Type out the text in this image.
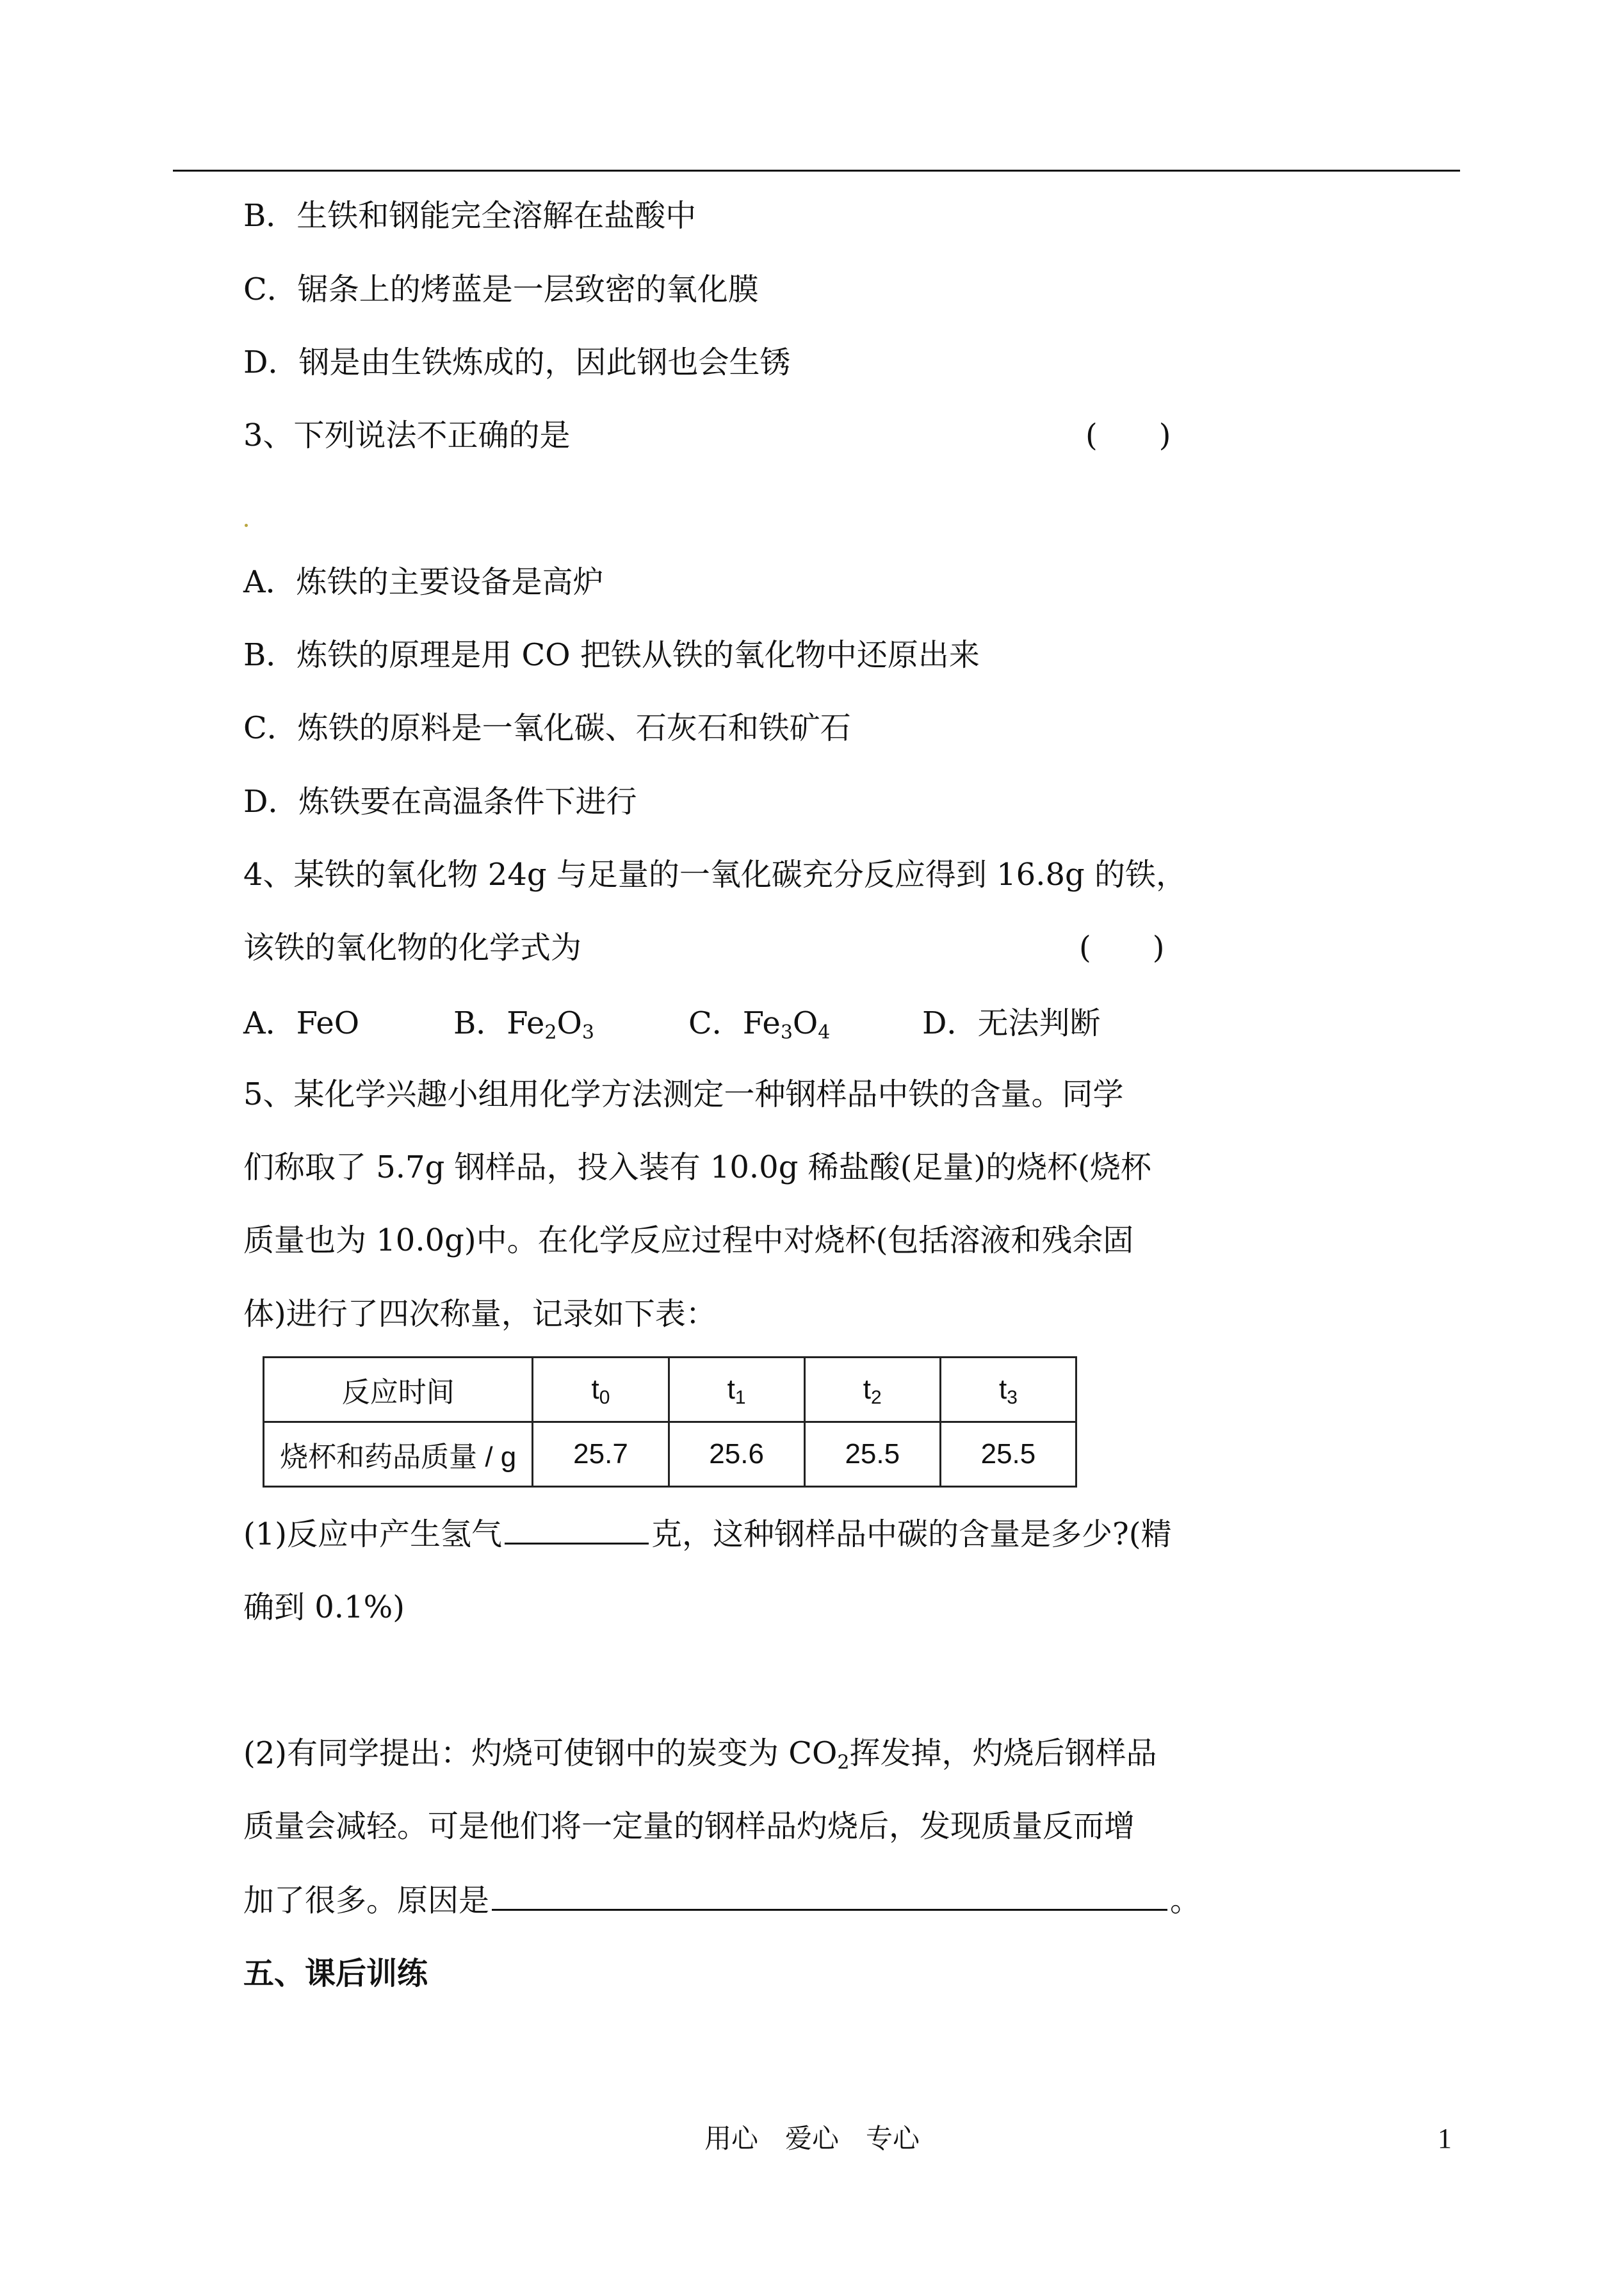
B．生铁和钢能完全溶解在盐酸中
C．锯条上的烤蓝是一层致密的氧化膜
D．钢是由生铁炼成的，因此钢也会生锈
3、下列说法不正确的是	(　　)
A．炼铁的主要设备是高炉
B．炼铁的原理是用 CO 把铁从铁的氧化物中还原出来
C．炼铁的原料是一氧化碳、石灰石和铁矿石
D．炼铁要在高温条件下进行
4、某铁的氧化物 24g 与足量的一氧化碳充分反应得到 16.8g 的铁，
该铁的氧化物的化学式为	(　　)
A．FeO	B．$Fe_2O_3$	C．$Fe_3O_4$	D．无法判断
5、某化学兴趣小组用化学方法测定一种钢样品中铁的含量。同学
们称取了 5.7g 钢样品，投入装有 10.0g 稀盐酸(足量)的烧杯(烧杯
质量也为 10.0g)中。在化学反应过程中对烧杯(包括溶液和残余固
体)进行了四次称量，记录如下表：
反应时间	$t_0$	$t_1$	$t_2$	$t_3$
烧杯和药品质量 / g	25.7	25.6	25.5	25.5
(1)反应中产生氢气	克，这种钢样品中碳的含量是多少?(精
确到 0.1%)
(2)有同学提出：灼烧可使钢中的炭变为 $CO_2$挥发掉，灼烧后钢样品
质量会减轻。可是他们将一定量的钢样品灼烧后，发现质量反而增
加了很多。原因是	。
五、课后训练
用心　爱心　专心	1
